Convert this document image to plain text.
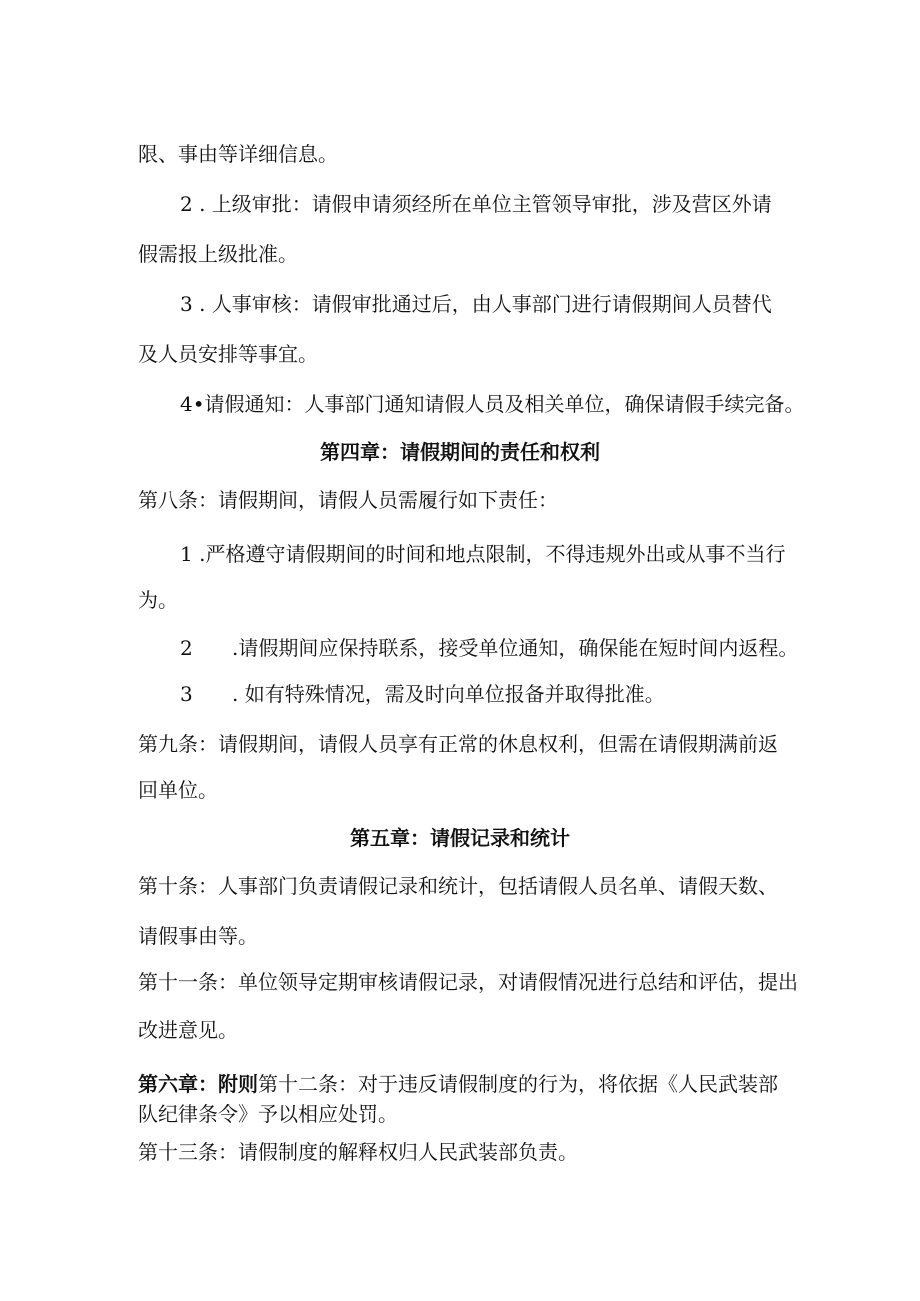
限、事由等详细信息。
2 . 上级审批：请假申请须经所在单位主管领导审批，涉及营区外请
假需报上级批准。
3 . 人事审核：请假审批通过后，由人事部门进行请假期间人员替代
及人员安排等事宜。
4•请假通知：人事部门通知请假人员及相关单位，确保请假手续完备。
第四章：请假期间的责任和权利
第八条：请假期间，请假人员需履行如下责任：
1 .严格遵守请假期间的时间和地点限制，不得违规外出或从事不当行
为。
2 .请假期间应保持联系，接受单位通知，确保能在短时间内返程。
3 . 如有特殊情况，需及时向单位报备并取得批准。
第九条：请假期间，请假人员享有正常的休息权利，但需在请假期满前返
回单位。
第五章：请假记录和统计
第十条：人事部门负责请假记录和统计，包括请假人员名单、请假天数、
请假事由等。
第十一条：单位领导定期审核请假记录，对请假情况进行总结和评估，提出
改进意见。
第六章：附则第十二条：对于违反请假制度的行为，将依据《人民武装部
队纪律条令》予以相应处罚。
第十三条：请假制度的解释权归人民武装部负责。
